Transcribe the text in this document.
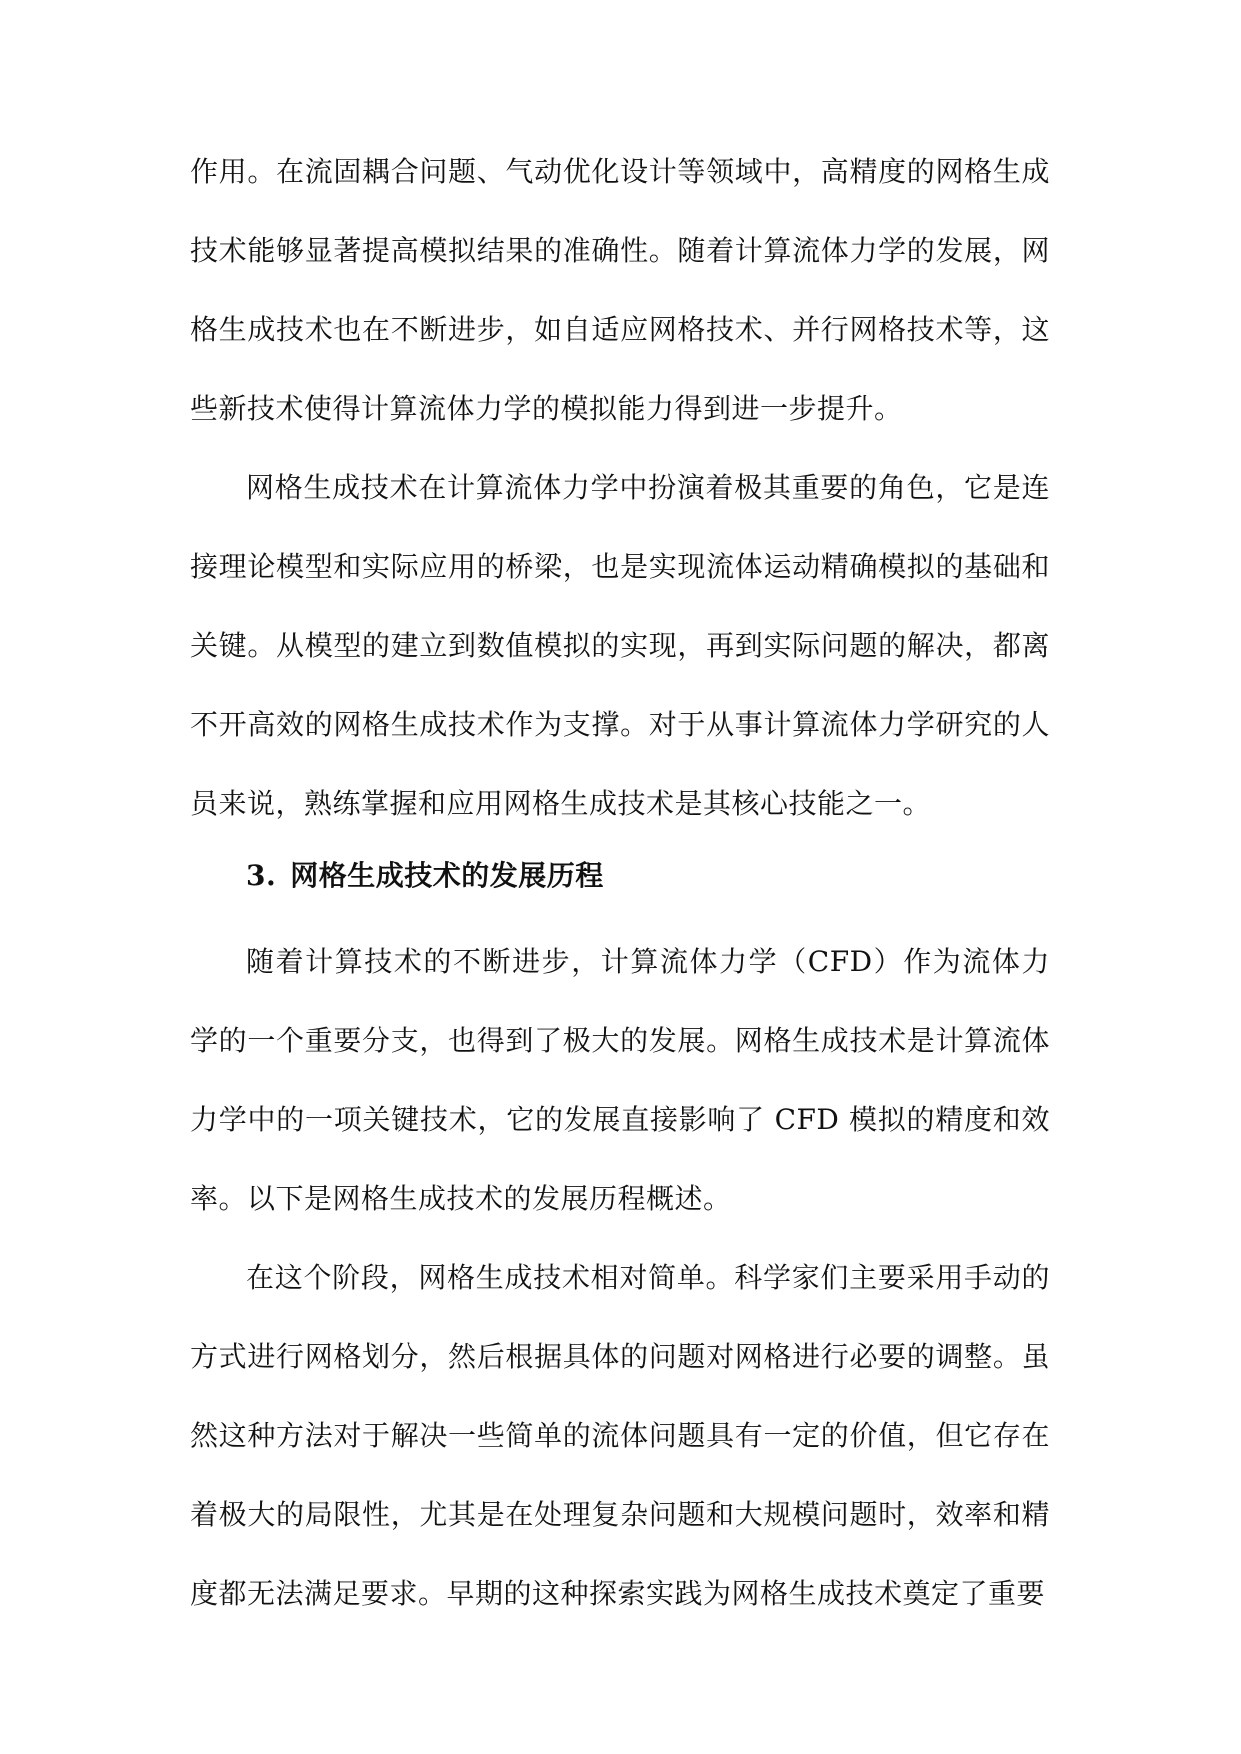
作用。在流固耦合问题、气动优化设计等领域中，高精度的网格生成技术能够显著提高模拟结果的准确性。随着计算流体力学的发展，网格生成技术也在不断进步，如自适应网格技术、并行网格技术等，这些新技术使得计算流体力学的模拟能力得到进一步提升。

网格生成技术在计算流体力学中扮演着极其重要的角色，它是连接理论模型和实际应用的桥梁，也是实现流体运动精确模拟的基础和关键。从模型的建立到数值模拟的实现，再到实际问题的解决，都离不开高效的网格生成技术作为支撑。对于从事计算流体力学研究的人员来说，熟练掌握和应用网格生成技术是其核心技能之一。

3. 网格生成技术的发展历程

随着计算技术的不断进步，计算流体力学（CFD）作为流体力学的一个重要分支，也得到了极大的发展。网格生成技术是计算流体力学中的一项关键技术，它的发展直接影响了 CFD 模拟的精度和效率。以下是网格生成技术的发展历程概述。

在这个阶段，网格生成技术相对简单。科学家们主要采用手动的方式进行网格划分，然后根据具体的问题对网格进行必要的调整。虽然这种方法对于解决一些简单的流体问题具有一定的价值，但它存在着极大的局限性，尤其是在处理复杂问题和大规模问题时，效率和精度都无法满足要求。早期的这种探索实践为网格生成技术奠定了重要
